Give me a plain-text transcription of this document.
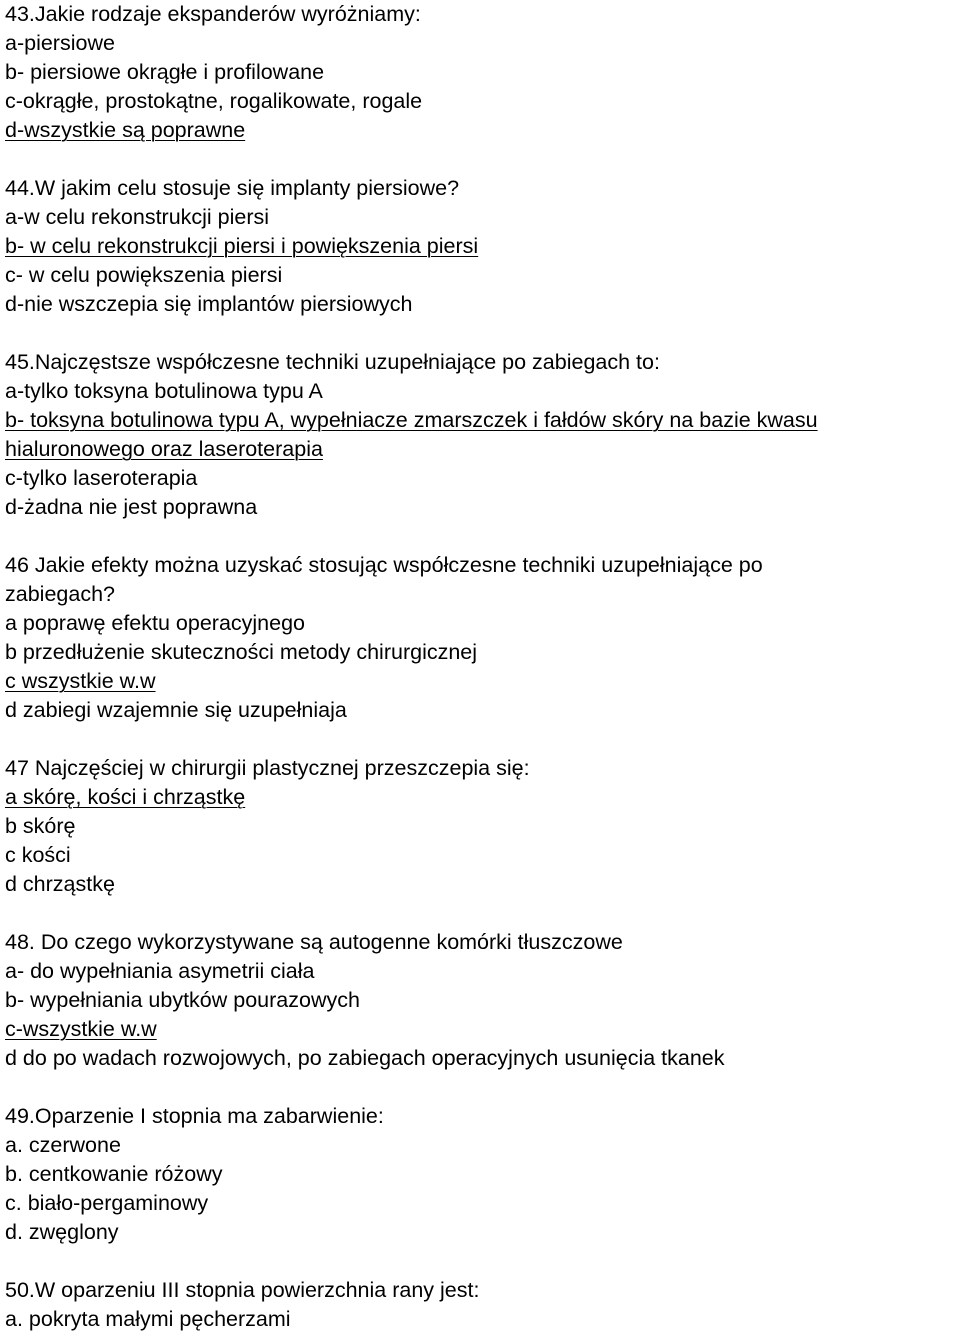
43.Jakie rodzaje ekspanderów wyróżniamy:
a-piersiowe
b- piersiowe okrągłe i profilowane
c-okrągłe, prostokątne, rogalikowate, rogale
d-wszystkie są poprawne
44.W jakim celu stosuje się implanty piersiowe?
a-w celu rekonstrukcji piersi
b- w celu rekonstrukcji piersi i powiększenia piersi
c- w celu powiększenia piersi
d-nie wszczepia się implantów piersiowych
45.Najczęstsze współczesne techniki uzupełniające po zabiegach to:
a-tylko toksyna botulinowa typu A
b- toksyna botulinowa typu A, wypełniacze zmarszczek i fałdów skóry na bazie kwasu
hialuronowego oraz laseroterapia
c-tylko laseroterapia
d-żadna nie jest poprawna
46 Jakie efekty można uzyskać stosując współczesne techniki uzupełniające po
zabiegach?
a poprawę efektu operacyjnego
b przedłużenie skuteczności metody chirurgicznej
c wszystkie w.w
d zabiegi wzajemnie się uzupełniaja
47 Najczęściej w chirurgii plastycznej przeszczepia się:
a skórę, kości i chrząstkę
b skórę
c kości
d chrząstkę
48. Do czego wykorzystywane są autogenne komórki tłuszczowe
a- do wypełniania asymetrii ciała
b- wypełniania ubytków pourazowych
c-wszystkie w.w
d do po wadach rozwojowych, po zabiegach operacyjnych usunięcia tkanek
49.Oparzenie I stopnia ma zabarwienie:
a. czerwone
b. centkowanie różowy
c. biało-pergaminowy
d. zwęglony
50.W oparzeniu III stopnia powierzchnia rany jest:
a. pokryta małymi pęcherzami
